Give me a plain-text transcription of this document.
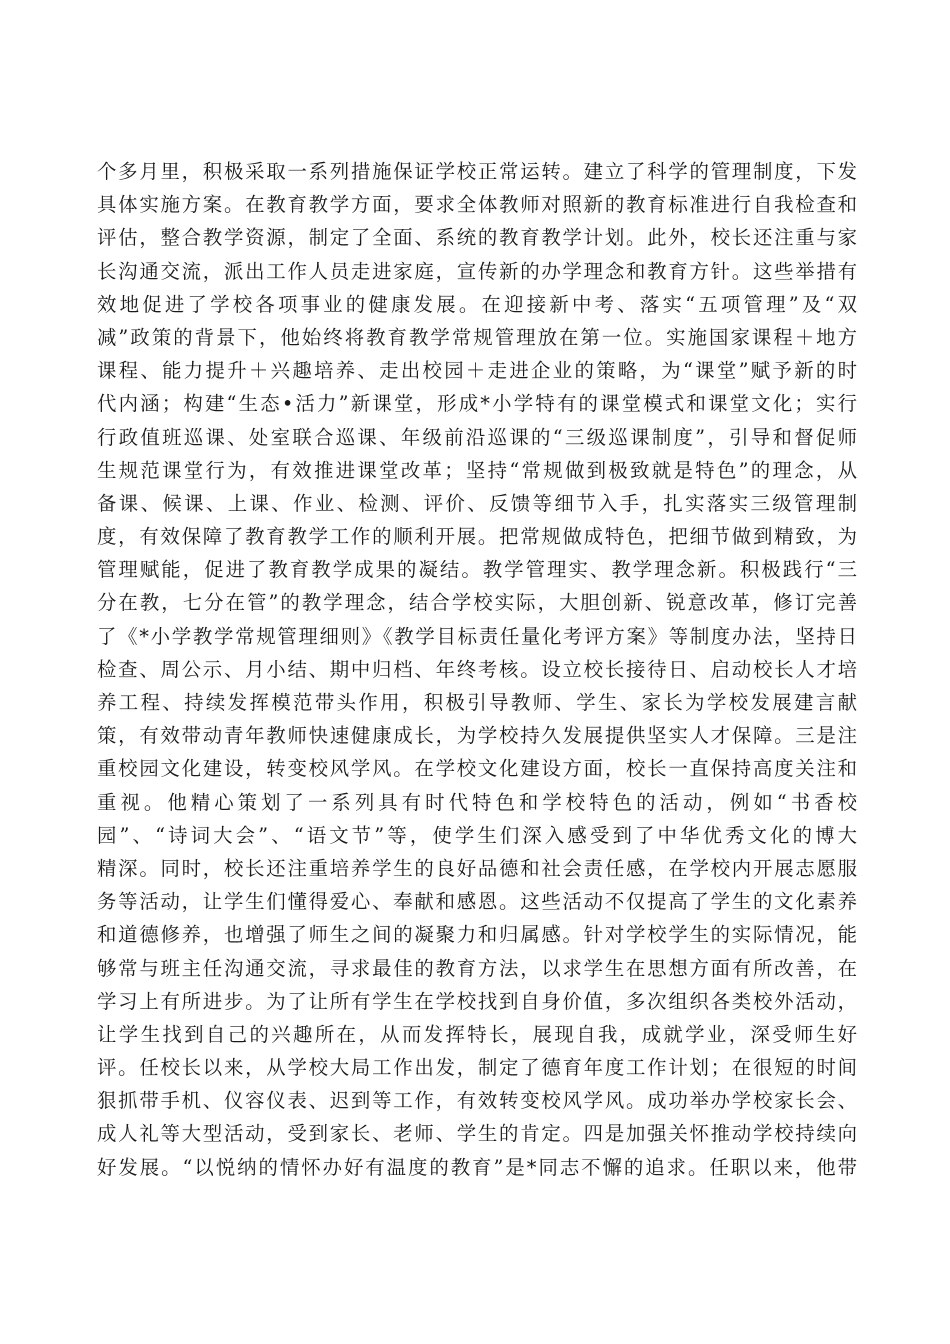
个多月里，积极采取一系列措施保证学校正常运转。建立了科学的管理制度，下发
具体实施方案。在教育教学方面，要求全体教师对照新的教育标准进行自我检查和
评估，整合教学资源，制定了全面、系统的教育教学计划。此外，校长还注重与家
长沟通交流，派出工作人员走进家庭，宣传新的办学理念和教育方针。这些举措有
效地促进了学校各项事业的健康发展。在迎接新中考、落实“五项管理”及“双
减”政策的背景下，他始终将教育教学常规管理放在第一位。实施国家课程＋地方
课程、能力提升＋兴趣培养、走出校园＋走进企业的策略，为“课堂”赋予新的时
代内涵；构建“生态•活力”新课堂，形成*小学特有的课堂模式和课堂文化；实行
行政值班巡课、处室联合巡课、年级前沿巡课的“三级巡课制度”，引导和督促师
生规范课堂行为，有效推进课堂改革；坚持“常规做到极致就是特色”的理念，从
备课、候课、上课、作业、检测、评价、反馈等细节入手，扎实落实三级管理制
度，有效保障了教育教学工作的顺利开展。把常规做成特色，把细节做到精致，为
管理赋能，促进了教育教学成果的凝结。教学管理实、教学理念新。积极践行“三
分在教，七分在管”的教学理念，结合学校实际，大胆创新、锐意改革，修订完善
了《*小学教学常规管理细则》《教学目标责任量化考评方案》等制度办法，坚持日
检查、周公示、月小结、期中归档、年终考核。设立校长接待日、启动校长人才培
养工程、持续发挥模范带头作用，积极引导教师、学生、家长为学校发展建言献
策，有效带动青年教师快速健康成长，为学校持久发展提供坚实人才保障。三是注
重校园文化建设，转变校风学风。在学校文化建设方面，校长一直保持高度关注和
重视。他精心策划了一系列具有时代特色和学校特色的活动，例如“书香校
园”、“诗词大会”、“语文节”等，使学生们深入感受到了中华优秀文化的博大
精深。同时，校长还注重培养学生的良好品德和社会责任感，在学校内开展志愿服
务等活动，让学生们懂得爱心、奉献和感恩。这些活动不仅提高了学生的文化素养
和道德修养，也增强了师生之间的凝聚力和归属感。针对学校学生的实际情况，能
够常与班主任沟通交流，寻求最佳的教育方法，以求学生在思想方面有所改善，在
学习上有所进步。为了让所有学生在学校找到自身价值，多次组织各类校外活动，
让学生找到自己的兴趣所在，从而发挥特长，展现自我，成就学业，深受师生好
评。任校长以来，从学校大局工作出发，制定了德育年度工作计划；在很短的时间
狠抓带手机、仪容仪表、迟到等工作，有效转变校风学风。成功举办学校家长会、
成人礼等大型活动，受到家长、老师、学生的肯定。四是加强关怀推动学校持续向
好发展。“以悦纳的情怀办好有温度的教育”是*同志不懈的追求。任职以来，他带
